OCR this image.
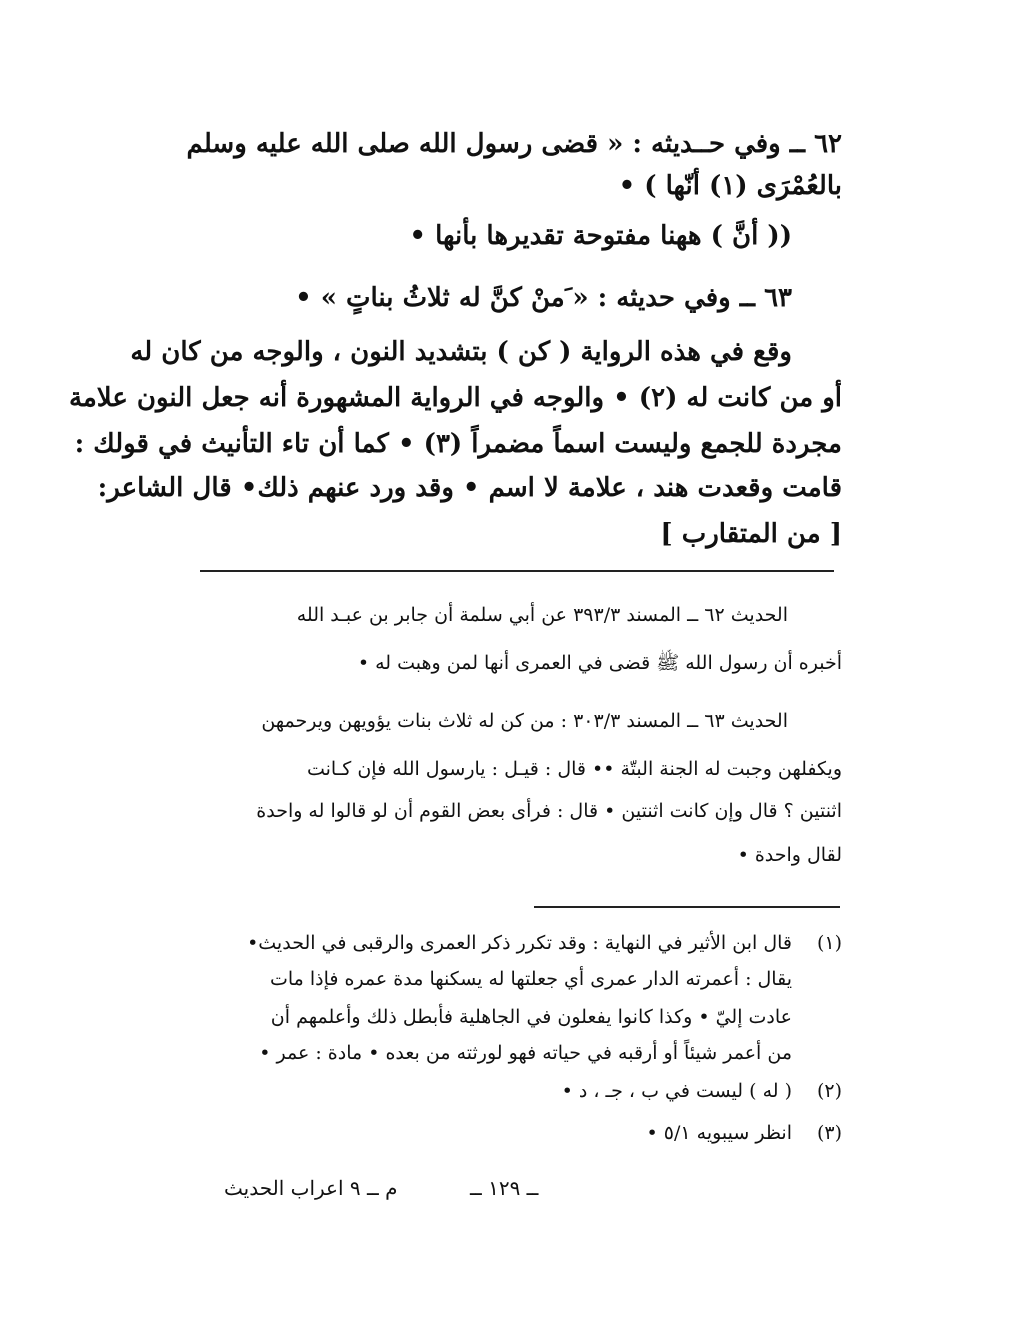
٦٢ ــ وفي حــديثه : « قضى رسول الله صلى الله عليه وسلم
بالعُمْرَى (١) أنّها ) •
(( أنَّ ) ههنا مفتوحة تقديرها بأنها •
٦٣ ــ وفي حديثه : « َمنْ كنَّ له ثلاثُ بناتٍ » •
وقع في هذه الرواية ( كن ) بتشديد النون ، والوجه من كان له
أو من كانت له (٢) • والوجه في الرواية المشهورة أنه جعل النون علامة
مجردة للجمع وليست اسماً مضمراً (٣) • كما أن تاء التأنيث في قولك :
قامت وقعدت هند ، علامة لا اسم • وقد ورد عنهم ذلك• قال الشاعر:
[ من المتقارب ]
الحديث ٦٢ ــ المسند ٣٩٣/٣ عن أبي سلمة أن جابر بن عبـد الله
أخبره أن رسول الله ﷺ قضى في العمرى أنها لمن وهبت له •
الحديث ٦٣ ــ المسند ٣٠٣/٣ : من كن له ثلاث بنات يؤويهن ويرحمهن
ويكفلهن وجبت له الجنة البتّة •• قال : قيـل : يارسول الله فإن كـانت
اثنتين ؟ قال وإن كانت اثنتين • قال : فرأى بعض القوم أن لو قالوا له واحدة
لقال واحدة •
(١)
قال ابن الأثير في النهاية : وقد تكرر ذكر العمرى والرقبى في الحديث•
يقال : أعمرته الدار عمرى أي جعلتها له يسكنها مدة عمره فإذا مات
عادت إليّ • وكذا كانوا يفعلون في الجاهلية فأبطل ذلك وأعلمهم أن
من أعمر شيئاً أو أرقبه في حياته فهو لورثته من بعده • مادة : عمر •
(٢)
( له ) ليست في ب ، جـ ، د •
(٣)
انظر سيبويه ٥/١ •
ــ ١٢٩ ــ
م ــ ٩ اعراب الحديث
